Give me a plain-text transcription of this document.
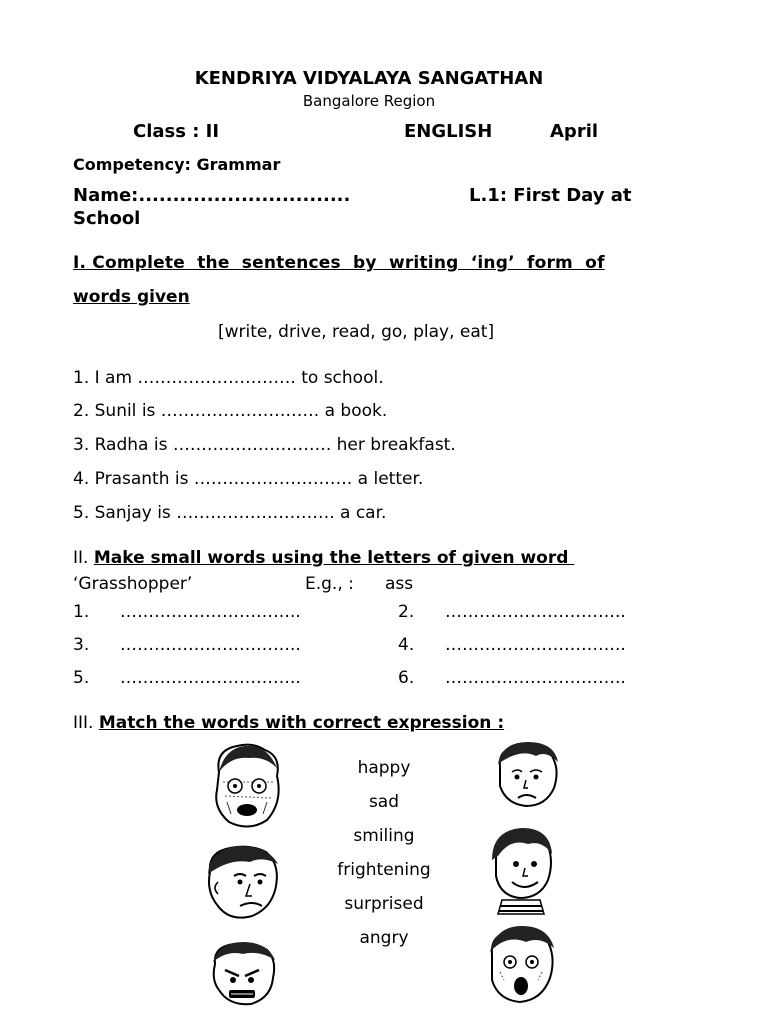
KENDRIYA VIDYALAYA SANGATHAN
Bangalore Region
Class : II	ENGLISH	April
Competency: Grammar
Name:...............................	L.1: First Day at
School
I. Complete  the  sentences  by  writing  ‘ing’  form  of
words given
[write, drive, read, go, play, eat]
1. I am ………………………. to school.
2. Sunil is ………………………. a book.
3. Radha is ………………………. her breakfast.
4. Prasanth is ………………………. a letter.
5. Sanjay is ………………………. a car.
II. Make small words using the letters of given word
‘Grasshopper’	E.g., : ass
1. …………………………..	2. …………………………..
3. …………………………..	4. …………………………..
5. …………………………..	6. …………………………..
III. Match the words with correct expression :
happy
sad
smiling
frightening
surprised
angry
